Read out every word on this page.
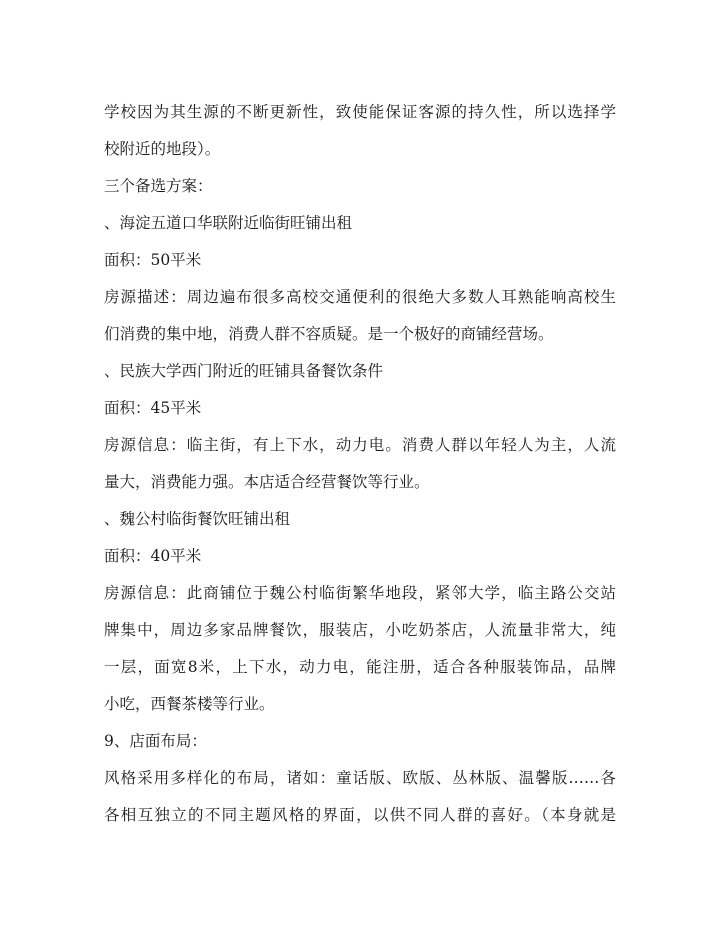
学校因为其生源的不断更新性，致使能保证客源的持久性，所以选择学
校附近的地段）。
三个备选方案：
、海淀五道口华联附近临街旺铺出租
面积：50平米
房源描述：周边遍布很多高校交通便利的很绝大多数人耳熟能响高校生
们消费的集中地，消费人群不容质疑。是一个极好的商铺经营场。
、民族大学西门附近的旺铺具备餐饮条件
面积：45平米
房源信息：临主街，有上下水，动力电。消费人群以年轻人为主，人流
量大，消费能力强。本店适合经营餐饮等行业。
、魏公村临街餐饮旺铺出租
面积：40平米
房源信息：此商铺位于魏公村临街繁华地段，紧邻大学，临主路公交站
牌集中，周边多家品牌餐饮，服装店，小吃奶茶店，人流量非常大，纯
一层，面宽8米，上下水，动力电，能注册，适合各种服装饰品，品牌
小吃，西餐茶楼等行业。
9、店面布局：
风格采用多样化的布局，诸如：童话版、欧版、丛林版、温馨版……各
各相互独立的不同主题风格的界面，以供不同人群的喜好。（本身就是
